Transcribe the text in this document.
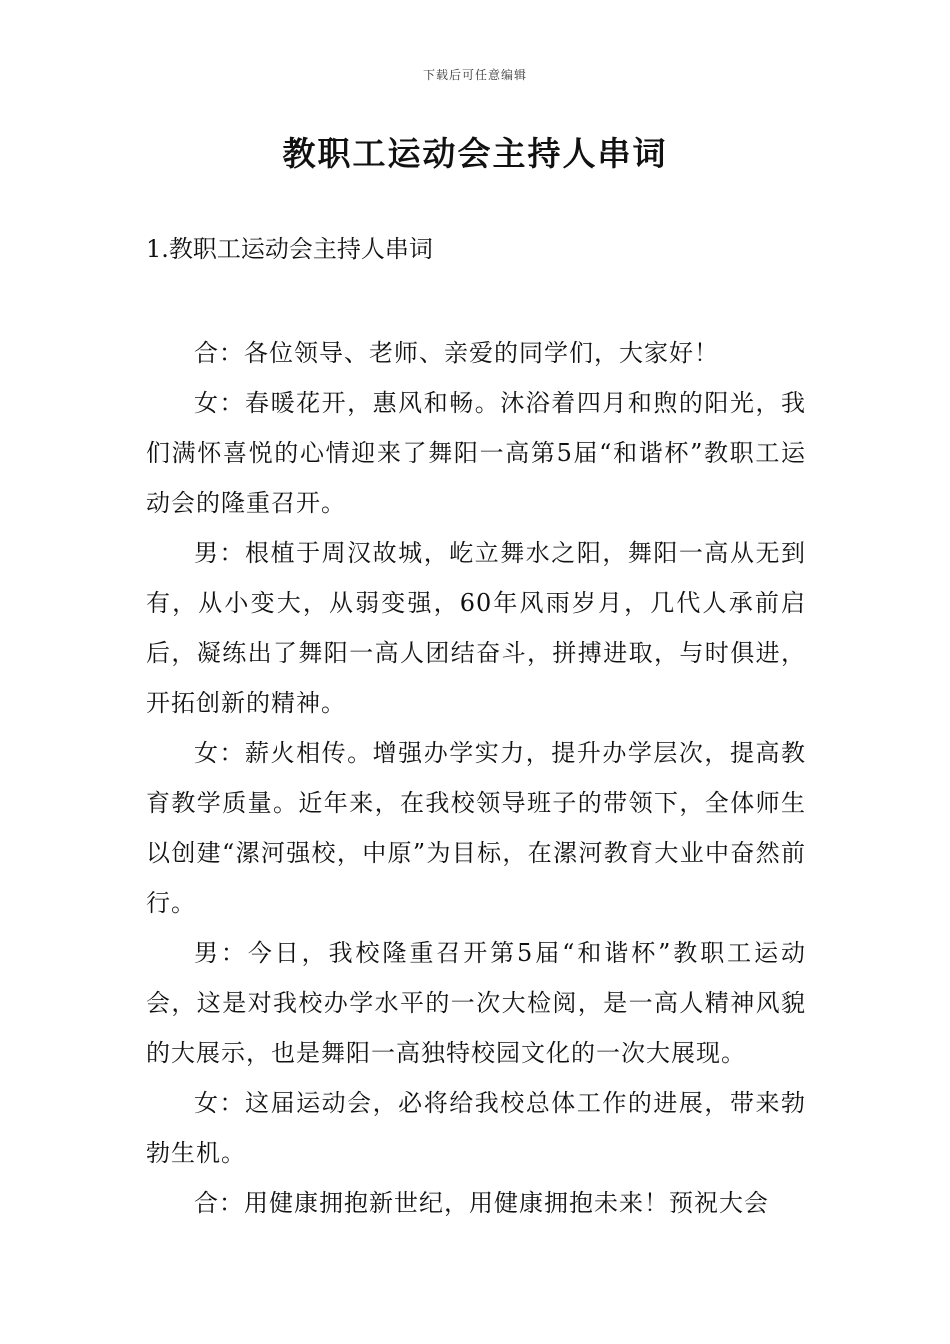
下载后可任意编辑
教职工运动会主持人串词
1.教职工运动会主持人串词

合：各位领导、老师、亲爱的同学们，大家好！

女：春暖花开，惠风和畅。沐浴着四月和煦的阳光，我们满怀喜悦的心情迎来了舞阳一高第5届“和谐杯”教职工运动会的隆重召开。

男：根植于周汉故城，屹立舞水之阳，舞阳一高从无到有，从小变大，从弱变强，60年风雨岁月，几代人承前启后，凝练出了舞阳一高人团结奋斗，拼搏进取，与时俱进，开拓创新的精神。

女：薪火相传。增强办学实力，提升办学层次，提高教育教学质量。近年来，在我校领导班子的带领下，全体师生以创建“漯河强校，中原”为目标，在漯河教育大业中奋然前行。

男：今日，我校隆重召开第5届“和谐杯”教职工运动会，这是对我校办学水平的一次大检阅，是一高人精神风貌的大展示，也是舞阳一高独特校园文化的一次大展现。

女：这届运动会，必将给我校总体工作的进展，带来勃勃生机。

合：用健康拥抱新世纪，用健康拥抱未来！预祝大会
